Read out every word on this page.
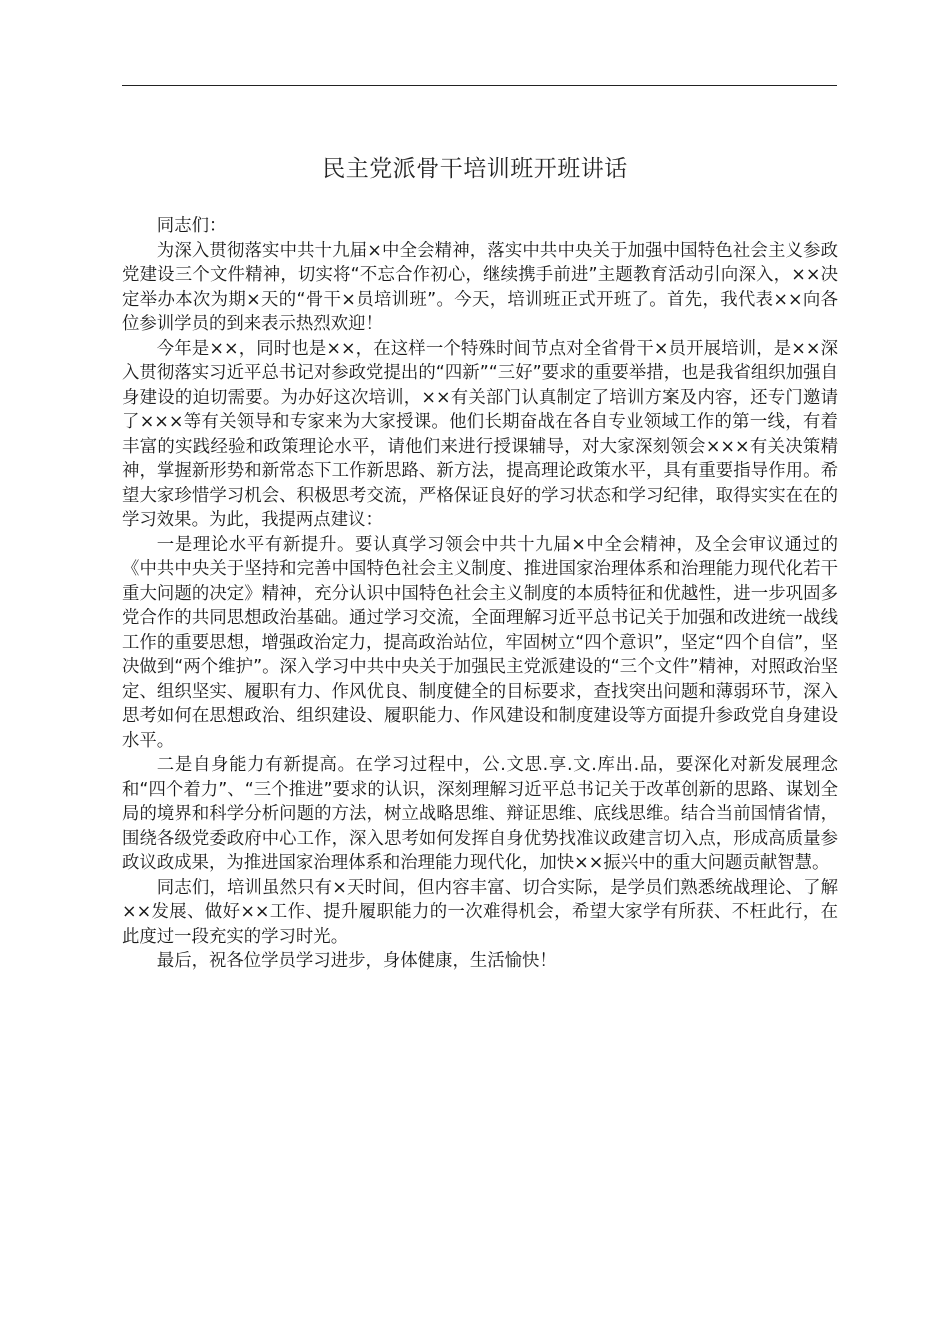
民主党派骨干培训班开班讲话

同志们：

为深入贯彻落实中共十九届×中全会精神，落实中共中央关于加强中国特色社会主义参政党建设三个文件精神，切实将“不忘合作初心，继续携手前进”主题教育活动引向深入，××决定举办本次为期×天的“骨干×员培训班”。今天，培训班正式开班了。首先，我代表××向各位参训学员的到来表示热烈欢迎！

今年是××，同时也是××，在这样一个特殊时间节点对全省骨干×员开展培训，是××深入贯彻落实习近平总书记对参政党提出的“四新”“三好”要求的重要举措，也是我省组织加强自身建设的迫切需要。为办好这次培训，××有关部门认真制定了培训方案及内容，还专门邀请了×××等有关领导和专家来为大家授课。他们长期奋战在各自专业领域工作的第一线，有着丰富的实践经验和政策理论水平，请他们来进行授课辅导，对大家深刻领会×××有关决策精神，掌握新形势和新常态下工作新思路、新方法，提高理论政策水平，具有重要指导作用。希望大家珍惜学习机会、积极思考交流，严格保证良好的学习状态和学习纪律，取得实实在在的学习效果。为此，我提两点建议：

一是理论水平有新提升。要认真学习领会中共十九届×中全会精神，及全会审议通过的《中共中央关于坚持和完善中国特色社会主义制度、推进国家治理体系和治理能力现代化若干重大问题的决定》精神，充分认识中国特色社会主义制度的本质特征和优越性，进一步巩固多党合作的共同思想政治基础。通过学习交流，全面理解习近平总书记关于加强和改进统一战线工作的重要思想，增强政治定力，提高政治站位，牢固树立“四个意识”，坚定“四个自信”，坚决做到“两个维护”。深入学习中共中央关于加强民主党派建设的“三个文件”精神，对照政治坚定、组织坚实、履职有力、作风优良、制度健全的目标要求，查找突出问题和薄弱环节，深入思考如何在思想政治、组织建设、履职能力、作风建设和制度建设等方面提升参政党自身建设水平。

二是自身能力有新提高。在学习过程中，公.文思.享.文.库出.品，要深化对新发展理念和“四个着力”、“三个推进”要求的认识，深刻理解习近平总书记关于改革创新的思路、谋划全局的境界和科学分析问题的方法，树立战略思维、辩证思维、底线思维。结合当前国情省情，围绕各级党委政府中心工作，深入思考如何发挥自身优势找准议政建言切入点，形成高质量参政议政成果，为推进国家治理体系和治理能力现代化，加快××振兴中的重大问题贡献智慧。

同志们，培训虽然只有×天时间，但内容丰富、切合实际，是学员们熟悉统战理论、了解××发展、做好××工作、提升履职能力的一次难得机会，希望大家学有所获、不枉此行，在此度过一段充实的学习时光。

最后，祝各位学员学习进步，身体健康，生活愉快！
